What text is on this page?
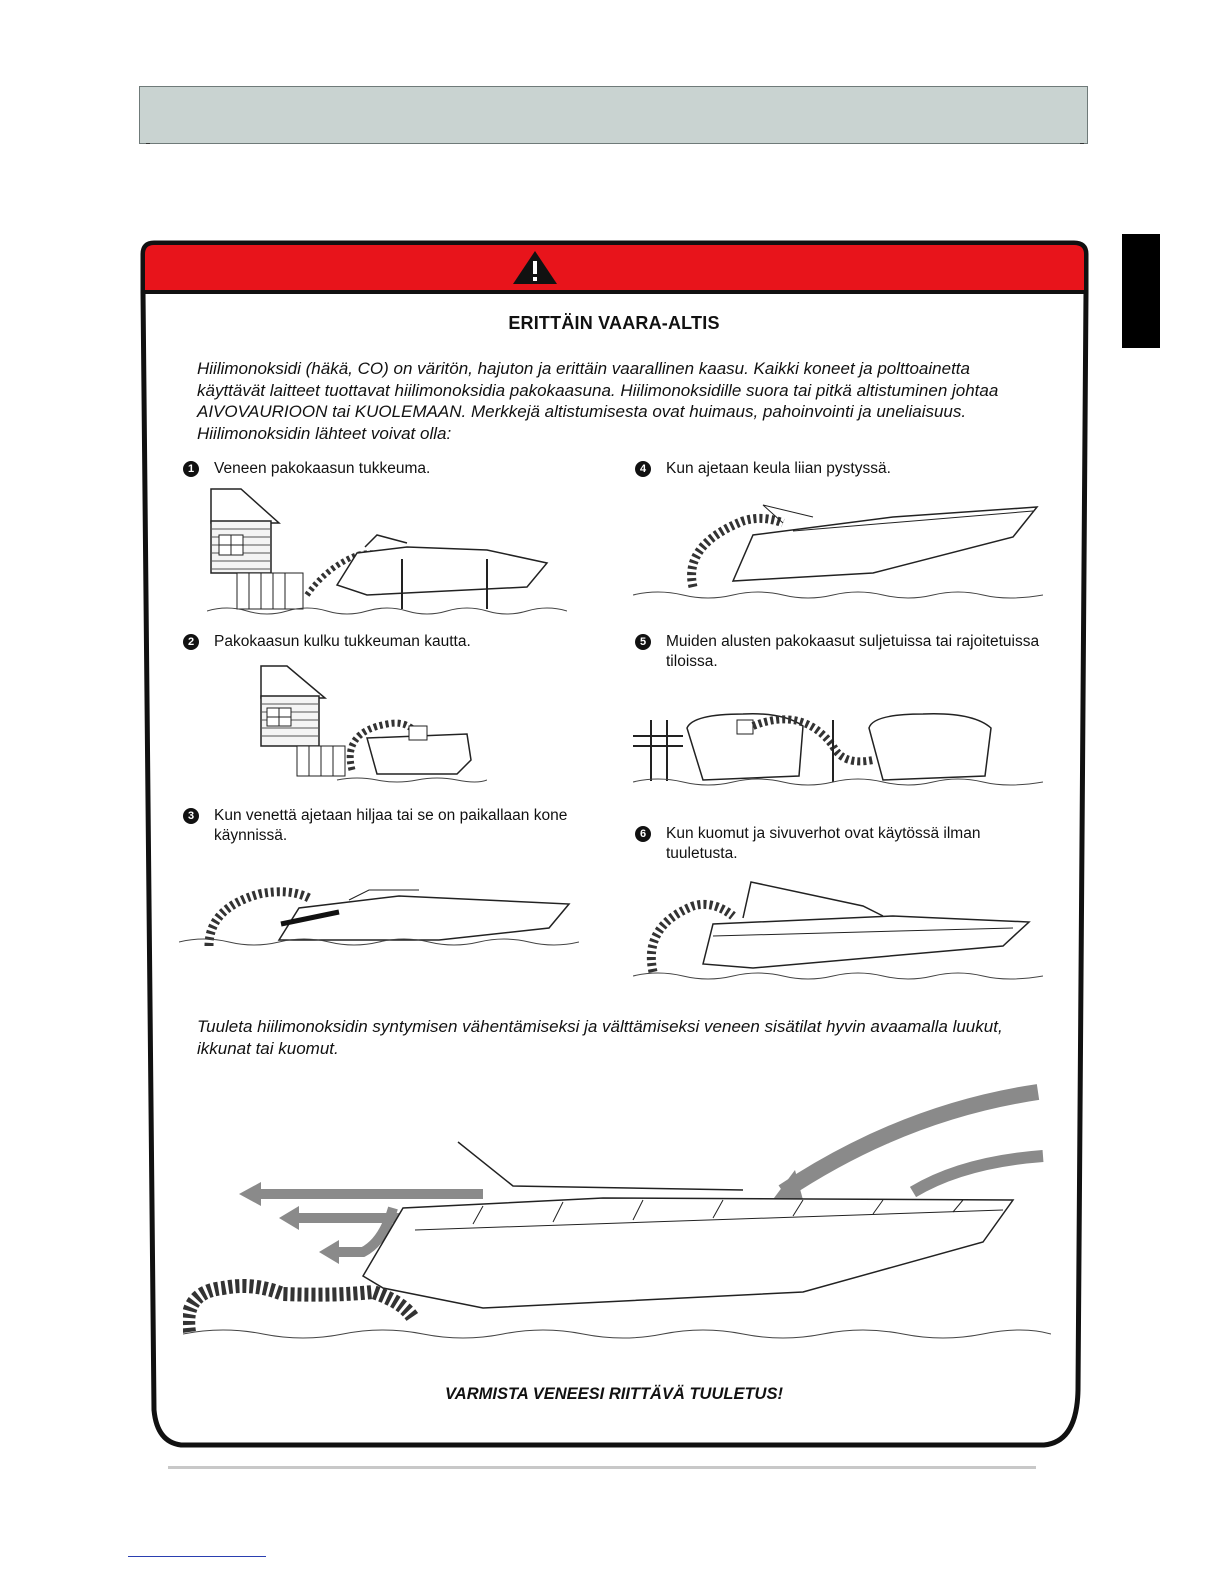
ERITTÄIN VAARA-ALTIS
Hiilimonoksidi (häkä, CO) on väritön, hajuton ja erittäin vaarallinen kaasu. Kaikki koneet ja polttoainetta käyttävät laitteet tuottavat hiilimonoksidia pakokaasuna. Hiilimonoksidille suora tai pitkä altistuminen johtaa AIVOVAURIOON tai KUOLEMAAN. Merkkejä altistumisesta ovat huimaus, pahoinvointi ja uneliaisuus. Hiilimonoksidin lähteet voivat olla:
1	Veneen pakokaasun tukkeuma.
2	Pakokaasun kulku tukkeuman kautta.
3	Kun venettä ajetaan hiljaa tai se on paikallaan kone käynnissä.
4	Kun ajetaan keula liian pystyssä.
5	Muiden alusten pakokaasut suljetuissa tai rajoitetuissa tiloissa.
6	Kun kuomut ja sivuverhot ovat käytössä ilman tuuletusta.
Tuuleta hiilimonoksidin syntymisen vähentämiseksi ja välttämiseksi veneen sisätilat hyvin avaamalla luukut, ikkunat tai kuomut.
VARMISTA VENEESI RIITTÄVÄ TUULETUS!
